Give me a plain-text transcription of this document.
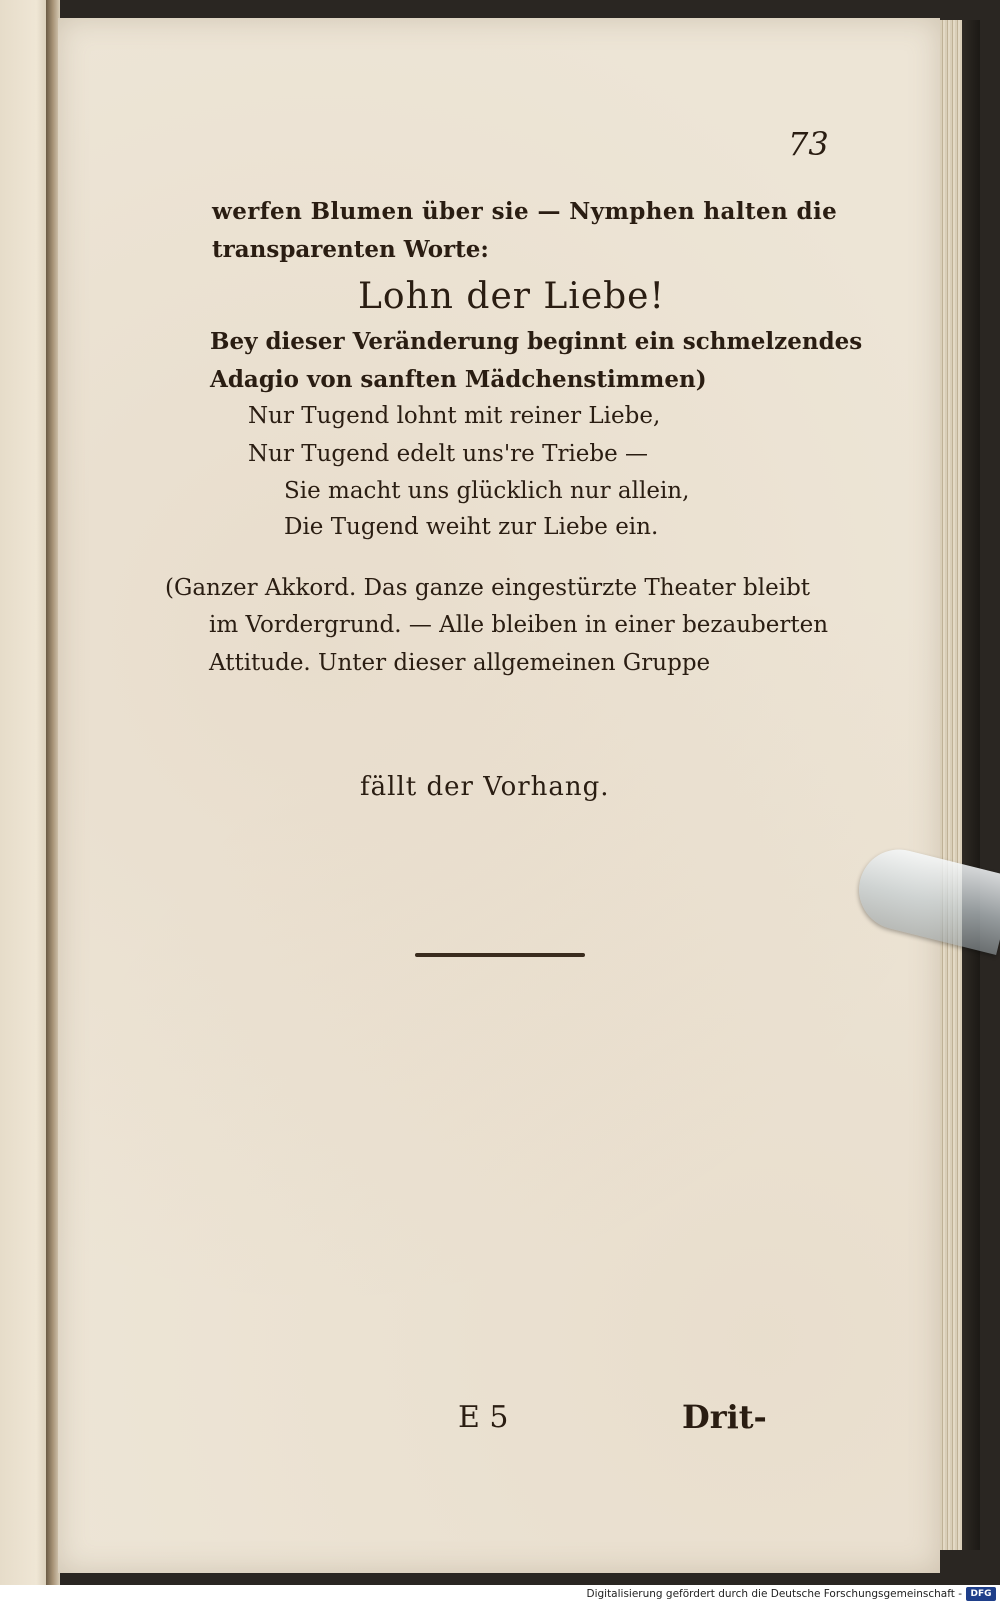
73
werfen Blumen über sie — Nymphen halten die
transparenten Worte:
Lohn der Liebe!
Bey dieser Veränderung beginnt ein schmelzendes
Adagio von sanften Mädchenstimmen)
Nur Tugend lohnt mit reiner Liebe,
Nur Tugend edelt uns're Triebe —
Sie macht uns glücklich nur allein,
Die Tugend weiht zur Liebe ein.
(Ganzer Akkord. Das ganze eingestürzte Theater bleibt
im Vordergrund. — Alle bleiben in einer bezauberten
Attitude. Unter dieser allgemeinen Gruppe
fällt der Vorhang.
E 5	Drit-
Digitalisierung gefördert durch die Deutsche Forschungsgemeinschaft - DFG
